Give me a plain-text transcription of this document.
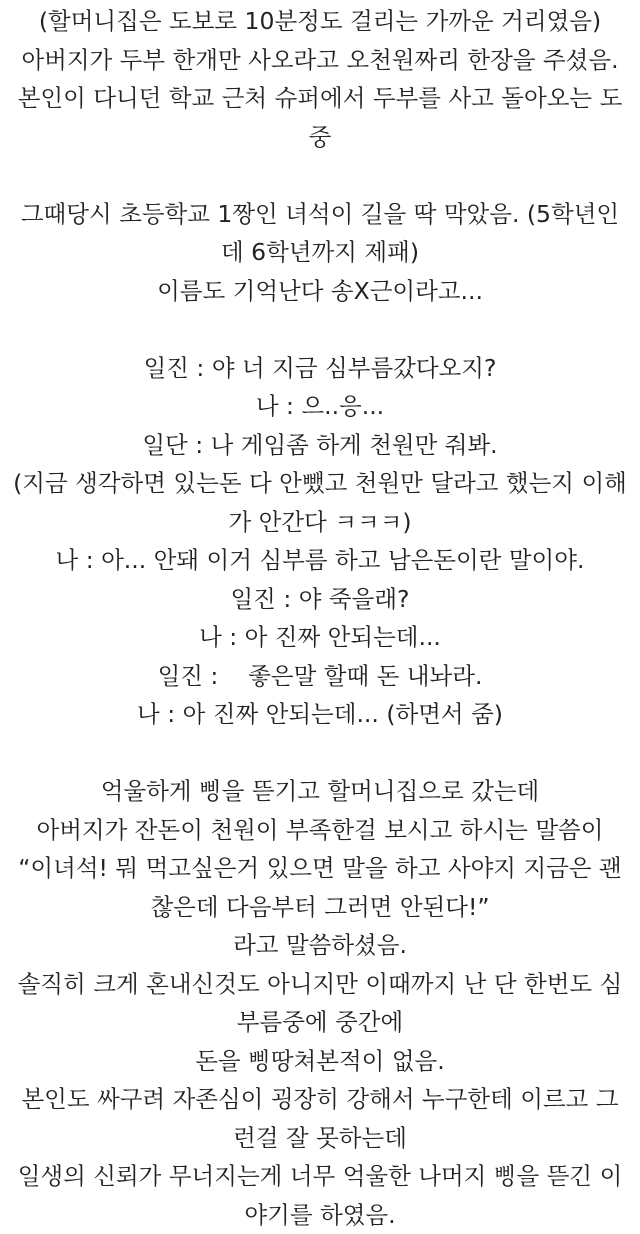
(할머니집은 도보로 10분정도 걸리는 가까운 거리였음)
아버지가 두부 한개만 사오라고 오천원짜리 한장을 주셨음.
본인이 다니던 학교 근처 슈퍼에서 두부를 사고 돌아오는 도
중
그때당시 초등학교 1짱인 녀석이 길을 딱 막았음. (5학년인
데 6학년까지 제패)
이름도 기억난다 송X근이라고...
일진 : 야 너 지금 심부름갔다오지?
나 : 으..응...
일단 : 나 게임좀 하게 천원만 줘봐.
(지금 생각하면 있는돈 다 안뺐고 천원만 달라고 했는지 이해
가 안간다 ㅋㅋㅋ)
나 : 아... 안돼 이거 심부름 하고 남은돈이란 말이야.
일진 : 야 죽을래?
나 : 아 진짜 안되는데...
일진 :    좋은말 할때 돈 내놔라.
나 : 아 진짜 안되는데... (하면서 줌)
억울하게 삥을 뜯기고 할머니집으로 갔는데
아버지가 잔돈이 천원이 부족한걸 보시고 하시는 말씀이
“이녀석! 뭐 먹고싶은거 있으면 말을 하고 사야지 지금은 괜
찮은데 다음부터 그러면 안된다!”
라고 말씀하셨음.
솔직히 크게 혼내신것도 아니지만 이때까지 난 단 한번도 심
부름중에 중간에
돈을 삥땅쳐본적이 없음.
본인도 싸구려 자존심이 굉장히 강해서 누구한테 이르고 그
런걸 잘 못하는데
일생의 신뢰가 무너지는게 너무 억울한 나머지 삥을 뜯긴 이
야기를 하였음.
